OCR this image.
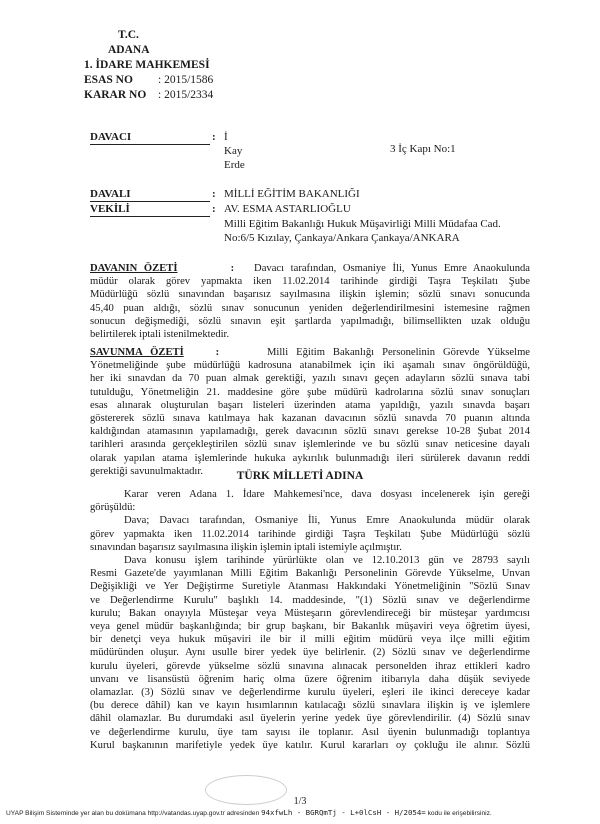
T.C.
ADANA
1. İDARE MAHKEMESİ
ESAS NO	: 2015/1586
KARAR NO	: 2015/2334
DAVACI	: İ
Kay
Erde
3 İç Kapı No:1
DAVALI	: MİLLİ EĞİTİM BAKANLIĞI
VEKİLİ	: AV. ESMA ASTARLIOĞLU
Milli Eğitim Bakanlığı Hukuk Müşavirliği Milli Müdafaa Cad.
No:6/5 Kızılay, Çankaya/Ankara Çankaya/ANKARA
DAVANIN ÖZETİ	: Davacı tarafından, Osmaniye İli, Yunus Emre Anaokulunda
müdür olarak görev yapmakta iken 11.02.2014 tarihinde girdiği Taşra Teşkilatı Şube
Müdürlüğü sözlü sınavından başarısız sayılmasına ilişkin işlemin; sözlü sınavı sonucunda
45,40 puan aldığı, sözlü sınav sonucunun yeniden değerlendirilmesini istemesine rağmen
sonucun değişmediği, sözlü sınavın eşit şartlarda yapılmadığı, bilimsellikten uzak olduğu
belirtilerek iptali istenilmektedir.
SAVUNMA ÖZETİ	:	Milli Eğitim Bakanlığı Personelinin Görevde Yükselme
Yönetmeliğinde şube müdürlüğü kadrosuna atanabilmek için iki aşamalı sınav öngörüldüğü,
her iki sınavdan da 70 puan almak gerektiği, yazılı sınavı geçen adayların sözlü sınava tabi
tutulduğu, Yönetmeliğin 21. maddesine göre şube müdürü kadrolarına sözlü sınav sonuçları
esas alınarak oluşturulan başarı listeleri üzerinden atama yapıldığı, yazılı sınavda başarı
göstererek sözlü sınava katılmaya hak kazanan davacının sözlü sınavda 70 puanın altında
kaldığından atamasının yapılamadığı, gerek davacının sözlü sınavı gerekse 10-28 Şubat 2014
tarihleri arasında gerçekleştirilen sözlü sınav işlemlerinde ve bu sözlü sınav neticesine dayalı
olarak yapılan atama işlemlerinde hukuka aykırılık bulunmadığı ileri sürülerek davanın reddi
gerektiği savunulmaktadır.	TÜRK MİLLETİ ADINA
Karar veren Adana 1. İdare Mahkemesi'nce, dava dosyası incelenerek işin gereği
görüşüldü:
Dava; Davacı tarafından, Osmaniye İli, Yunus Emre Anaokulunda müdür olarak
görev yapmakta iken 11.02.2014 tarihinde girdiği Taşra Teşkilatı Şube Müdürlüğü sözlü
sınavından başarısız sayılmasına ilişkin işlemin iptali istemiyle açılmıştır.
Dava konusu işlem tarihinde yürürlükte olan ve 12.10.2013 gün ve 28793 sayılı
Resmi Gazete'de yayımlanan Milli Eğitim Bakanlığı Personelinin Görevde Yükselme, Unvan
Değişikliği ve Yer Değiştirme Suretiyle Atanması Hakkındaki Yönetmeliğinin "Sözlü Sınav
ve Değerlendirme Kurulu" başlıklı 14. maddesinde, "(1) Sözlü sınav ve değerlendirme
kurulu; Bakan onayıyla Müsteşar veya Müsteşarın görevlendireceği bir müsteşar yardımcısı
veya genel müdür başkanlığında; bir grup başkanı, bir Bakanlık müşaviri veya öğretim üyesi,
bir denetçi veya hukuk müşaviri ile bir il milli eğitim müdürü veya ilçe milli eğitim
müdüründen oluşur. Aynı usulle birer yedek üye belirlenir. (2) Sözlü sınav ve değerlendirme
kurulu üyeleri, görevde yükselme sözlü sınavına alınacak personelden ihraz ettikleri kadro
unvanı ve lisansüstü öğrenim hariç olma üzere öğrenim itibarıyla daha düşük seviyede
olamazlar. (3) Sözlü sınav ve değerlendirme kurulu üyeleri, eşleri ile ikinci dereceye kadar
(bu derece dâhil) kan ve kayın hısımlarının katılacağı sözlü sınavlara ilişkin iş ve işlemlere
dâhil olamazlar. Bu durumdaki asıl üyelerin yerine yedek üye görevlendirilir. (4) Sözlü sınav
ve değerlendirme kurulu, üye tam sayısı ile toplanır. Asıl üyenin bulunmadığı toplantıya
Kurul başkanının marifetiyle yedek üye katılır. Kurul kararları oy çokluğu ile alınır. Sözlü
1/3
UYAP Bilişim Sisteminde yer alan bu dokümana http://vatandas.uyap.gov.tr adresinden 94xfwLh - BGRQmTj - L+0lCsH - H/2054= kodu ile erişebilirsiniz.
